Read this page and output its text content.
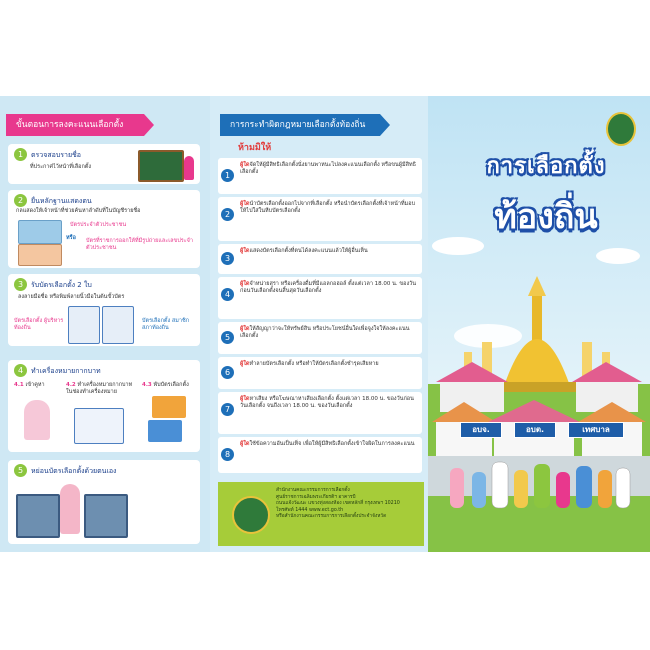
ขั้นตอนการลงคะแนนเลือกตั้ง
1 ตรวจสอบรายชื่อ
ที่ประกาศไว้หน้าที่เลือกตั้ง
2 ยื่นหลักฐานแสดงตน
กลแสดงให้เจ้าหน้าที่ช่วยค้นหาลำดับที่ในบัญชีรายชื่อ
บัตรประจำตัวประชาชน
หรือ บัตรที่ราชการออกให้ที่มีรูปถ่ายและเลขประจำตัวประชาชน
3 รับบัตรเลือกตั้ง 2 ใบ
ลงลายมือชื่อ หรือพิมพ์ลายนิ้วมือในต้นขั้วบัตร
บัตรเลือกตั้ง ผู้บริหารท้องถิ่น
บัตรเลือกตั้ง สมาชิกสภาท้องถิ่น
4 ทำเครื่องหมายกากบาท
4.1 เข้าคูหา	4.2 ทำเครื่องหมายกากบาทในช่องทำเครื่องหมาย
4.3 พับบัตรเลือกตั้ง
5 หย่อนบัตรเลือกตั้งด้วยตนเอง
การกระทำผิดกฎหมายเลือกตั้งท้องถิ่น
ห้ามมิให้
1
ผู้ใดจัดให้ผู้มีสิทธิเลือกตั้งนั่งยานพาหนะไปลงคะแนนเลือกตั้ง หรือขนผู้มีสิทธิเลือกตั้ง
2
ผู้ใดนำบัตรเลือกตั้งออกไปจากที่เลือกตั้ง หรือนำบัตรเลือกตั้งที่เจ้าหน้าที่มอบให้ไปใส่ในหีบบัตรเลือกตั้ง
3
ผู้ใดแสดงบัตรเลือกตั้งที่ตนได้ลงคะแนนแล้วให้ผู้อื่นเห็น
4
ผู้ใดจำหน่ายสุรา หรือเครื่องดื่มที่มีแอลกอฮอล์ ตั้งแต่เวลา 18.00 น. ของวันก่อนวันเลือกตั้งจนสิ้นสุดวันเลือกตั้ง
5
ผู้ใดให้สัญญาว่าจะให้ทรัพย์สิน หรือประโยชน์อื่นใดเพื่อจูงใจให้ลงคะแนนเลือกตั้ง
6
ผู้ใดทำลายบัตรเลือกตั้ง หรือทำให้บัตรเลือกตั้งชำรุดเสียหาย
7
ผู้ใดหาเสียง หรือโฆษณาหาเสียงเลือกตั้ง ตั้งแต่เวลา 18.00 น. ของวันก่อนวันเลือกตั้ง จนถึงเวลา 18.00 น. ของวันเลือกตั้ง
8
ผู้ใดใช้ข้อความอันเป็นเท็จ เพื่อให้ผู้มีสิทธิเลือกตั้งเข้าใจผิดในการลงคะแนน
สำนักงานคณะกรรมการการเลือกตั้ง
ศูนย์ราชการเฉลิมพระเกียรติฯ อาคารบี
ถนนแจ้งวัฒนะ แขวงทุ่งสองห้อง เขตหลักสี่ กรุงเทพฯ 10210
โทรศัพท์ 1444 www.ect.go.th
หรือสำนักงานคณะกรรมการการเลือกตั้งประจำจังหวัด
การเลือกตั้ง
ท้องถิ่น
อบจ.	อบต.	เทศบาล
